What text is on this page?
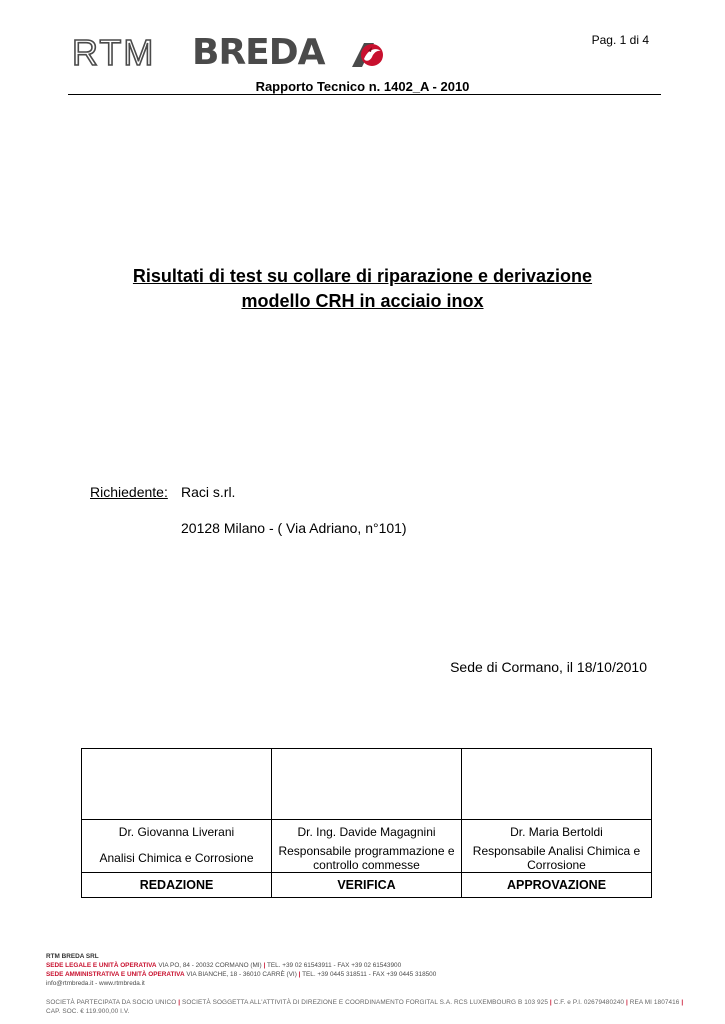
Pag. 1 di 4
RTM BREDA
Rapporto Tecnico n. 1402_A - 2010
Risultati di test su collare di riparazione e derivazione
modello CRH in acciaio inox
Richiedente: Raci s.rl.
20128 Milano - ( Via Adriano, n°101)
Sede di Cormano, il 18/10/2010

Dr. Giovanna Liverani	Dr. Ing. Davide Magagnini	Dr. Maria Bertoldi
Analisi Chimica e Corrosione	Responsabile programmazione e controllo commesse	Responsabile Analisi Chimica e Corrosione
REDAZIONE	VERIFICA	APPROVAZIONE
RTM BREDA SRL
SEDE LEGALE E UNITÀ OPERATIVA VIA PO, 84 - 20032 CORMANO (MI) | TEL. +39 02 61543911 - FAX +39 02 61543900
SEDE AMMINISTRATIVA E UNITÀ OPERATIVA VIA BIANCHE, 18 - 36010 CARRÈ (VI) | TEL. +39 0445 318511 - FAX +39 0445 318500
info@rtmbreda.it - www.rtmbreda.it
SOCIETÀ PARTECIPATA DA SOCIO UNICO | SOCIETÀ SOGGETTA ALL'ATTIVITÀ DI DIREZIONE E COORDINAMENTO FORGITAL S.A. RCS LUXEMBOURG B 103 925 | C.F. e P.I. 02679480240 | REA MI 1807416 | CAP. SOC. € 119.900,00 I.V.
